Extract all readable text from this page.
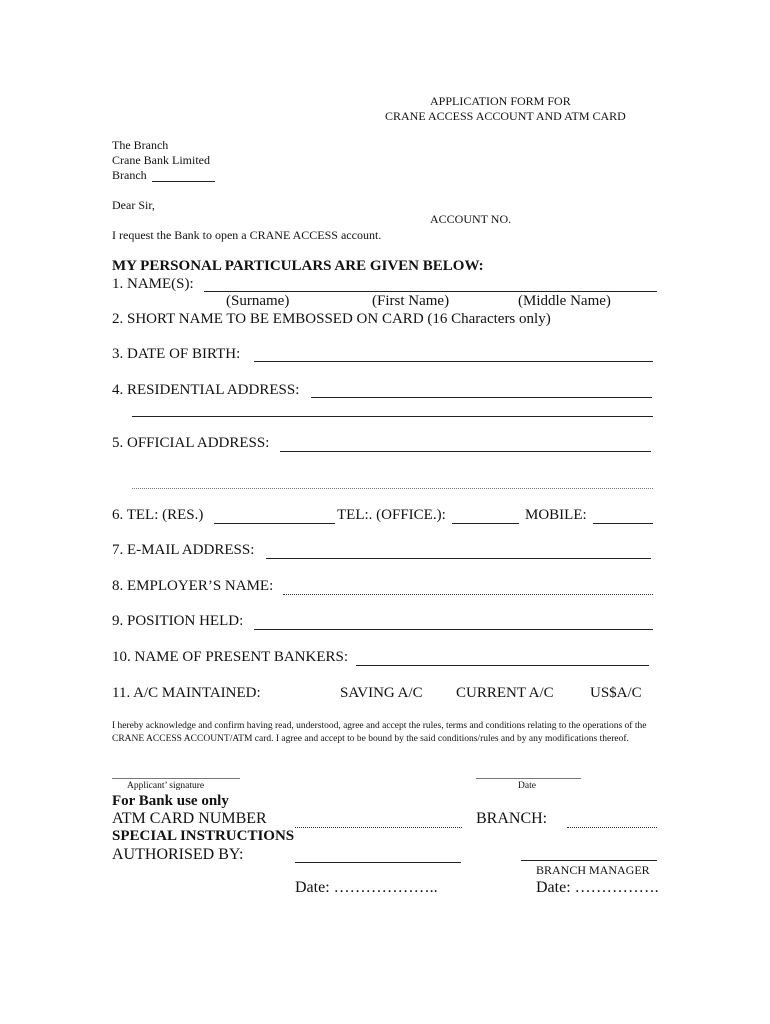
APPLICATION FORM FOR
CRANE ACCESS ACCOUNT AND ATM CARD
The Branch
Crane Bank Limited
Branch
Dear Sir,
ACCOUNT NO.
I request the Bank to open a CRANE ACCESS account.
MY PERSONAL PARTICULARS ARE GIVEN BELOW:
1. NAME(S):
(Surname)	(First Name)	(Middle Name)
2. SHORT NAME TO BE EMBOSSED ON CARD (16 Characters only)
3. DATE OF BIRTH:
4. RESIDENTIAL ADDRESS:
5. OFFICIAL ADDRESS:
6. TEL: (RES.)	TEL:. (OFFICE.):	MOBILE:
7. E-MAIL ADDRESS:
8. EMPLOYER’S NAME:
9. POSITION HELD:
10. NAME OF PRESENT BANKERS:
11. A/C MAINTAINED:	SAVING A/C CURRENT A/C US$A/C
I hereby acknowledge and confirm having read, understood, agree and accept the rules, terms and conditions relating to the operations of the CRANE ACCESS ACCOUNT/ATM card. I agree and accept to be bound by the said conditions/rules and by any modifications thereof.
Applicant’ signature	Date
For Bank use only
ATM CARD NUMBER	BRANCH:
SPECIAL INSTRUCTIONS
AUTHORISED BY:
BRANCH MANAGER
Date: ………………..	Date: …………….
